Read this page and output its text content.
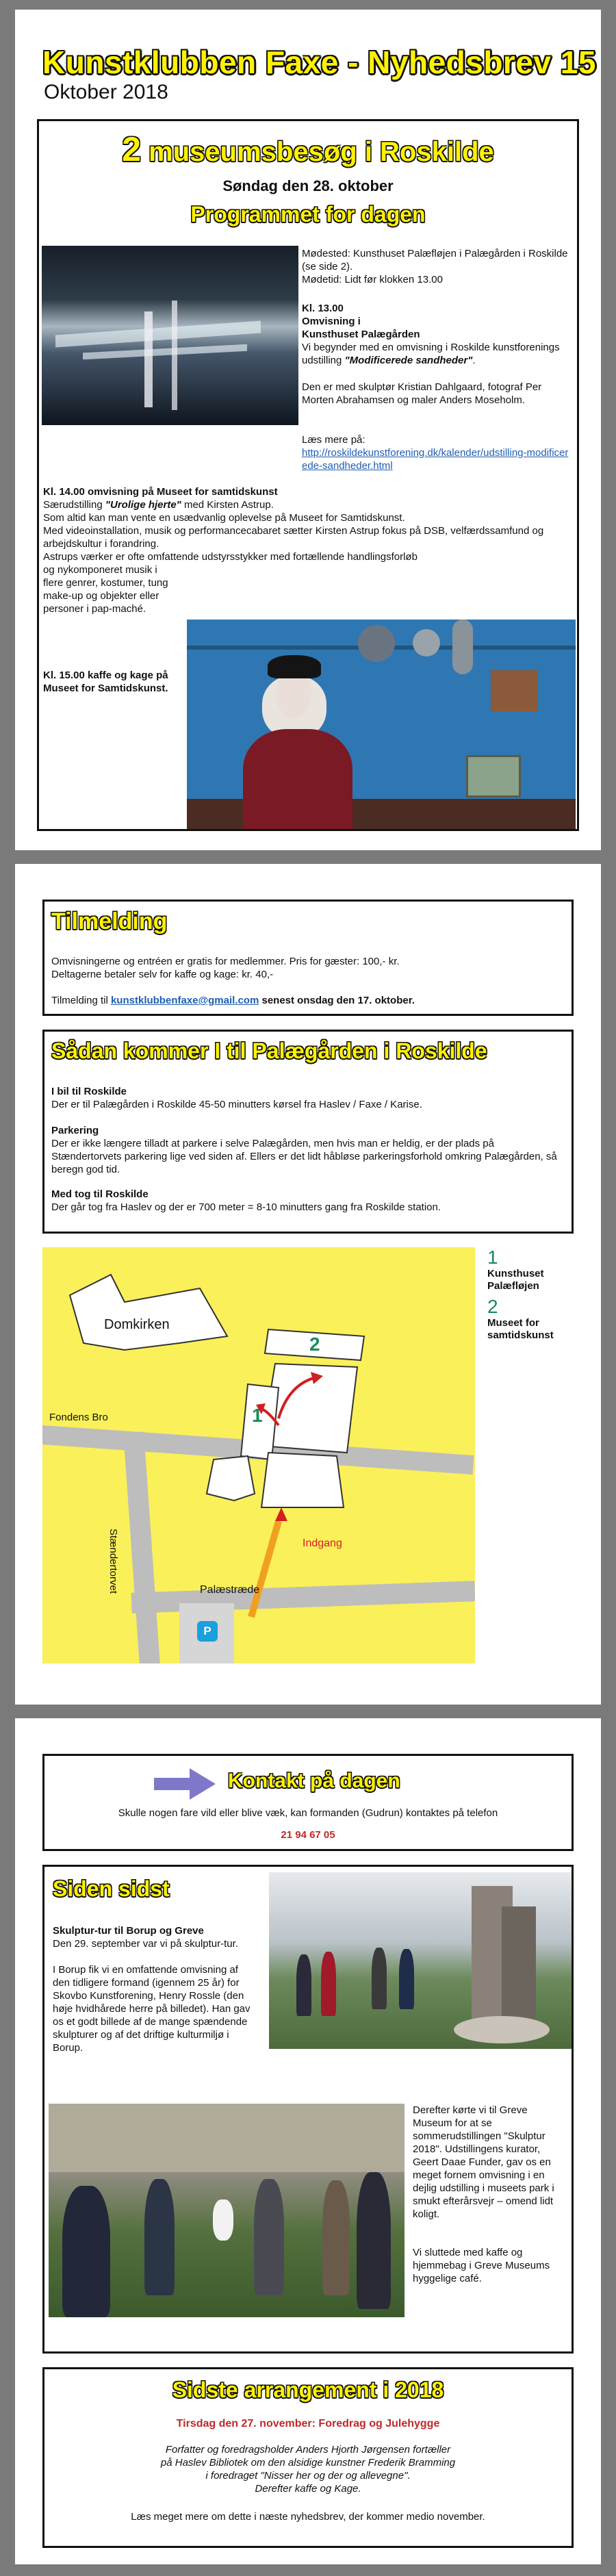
Kunstklubben Faxe - Nyhedsbrev 15
Oktober 2018
2 museumsbesøg i Roskilde
Søndag den 28. oktober
Programmet for dagen
Mødested: Kunsthuset Palæfløjen i Palægården i Roskilde (se side 2).
Mødetid: Lidt før klokken 13.00
Kl. 13.00
Omvisning i
Kunsthuset Palægården
Vi begynder med en omvisning i Roskilde kunstforenings udstilling "Modificerede sandheder".
Den er med skulptør Kristian Dahlgaard, fotograf Per Morten Abrahamsen og maler Anders Moseholm.
Læs mere på:
http://roskildekunstforening.dk/kalender/udstilling-modificerede-sandheder.html
Kl. 14.00 omvisning på Museet for samtidskunst
Særudstilling "Urolige hjerte" med Kirsten Astrup.
Som altid kan man vente en usædvanlig oplevelse på Museet for Samtidskunst.
Med videoinstallation, musik og performancecabaret sætter Kirsten Astrup fokus på DSB, velfærdssamfund og arbejdskultur i forandring.
Astrups værker er ofte omfattende udstyrsstykker med fortællende handlingsforløb
og nykomponeret musik i flere genrer, kostumer, tung make-up og objekter eller personer i pap-maché.
Kl. 15.00 kaffe og kage på Museet for Samtidskunst.
Tilmelding
Omvisningerne og entréen er gratis for medlemmer. Pris for gæster: 100,- kr.
Deltagerne betaler selv for kaffe og kage: kr. 40,-
Tilmelding til kunstklubbenfaxe@gmail.com senest onsdag den 17. oktober.
Sådan kommer I til Palægården i Roskilde
I bil til Roskilde
Der er til Palægården i Roskilde 45-50 minutters kørsel fra Haslev / Faxe / Karise.
Parkering
Der er ikke længere tilladt at parkere i selve Palægården, men hvis man er heldig, er der plads på Stændertorvets parkering lige ved siden af. Ellers er det lidt håbløse parkeringsforhold omkring Palægården, så beregn god tid.
Med tog til Roskilde
Der går tog fra Haslev og der er 700 meter = 8-10 minutters gang fra Roskilde station.
Domkirken
Fondens Bro
Stændertorvet	Palæstræde
Indgang
P
2
1
1
Kunsthuset
Palæfløjen
2
Museet for
samtidskunst
Kontakt på dagen
Skulle nogen fare vild eller blive væk, kan formanden (Gudrun) kontaktes på telefon
21 94 67 05
Siden sidst
Skulptur-tur til Borup og Greve
Den 29. september var vi på skulptur-tur.
I Borup fik vi en omfattende omvisning af den tidligere formand (igennem 25 år) for Skovbo Kunstforening, Henry Rossle (den høje hvidhårede herre på billedet). Han gav os et godt billede af de mange spændende skulpturer og af det driftige kulturmiljø i Borup.
Derefter kørte vi til Greve Museum for at se sommerudstillingen "Skulptur 2018". Udstillingens kurator, Geert Daae Funder, gav os en meget fornem omvisning i en dejlig udstilling i museets park i smukt efterårsvejr – omend lidt koligt.
Vi sluttede med kaffe og hjemmebag i Greve Museums hyggelige café.
Sidste arrangement i 2018
Tirsdag den 27. november: Foredrag og Julehygge
Forfatter og foredragsholder Anders Hjorth Jørgensen fortæller
på Haslev Bibliotek om den alsidige kunstner Frederik Bramming
i foredraget "Nisser her og der og allevegne".
Derefter kaffe og Kage.
Læs meget mere om dette i næste nyhedsbrev, der kommer medio november.
